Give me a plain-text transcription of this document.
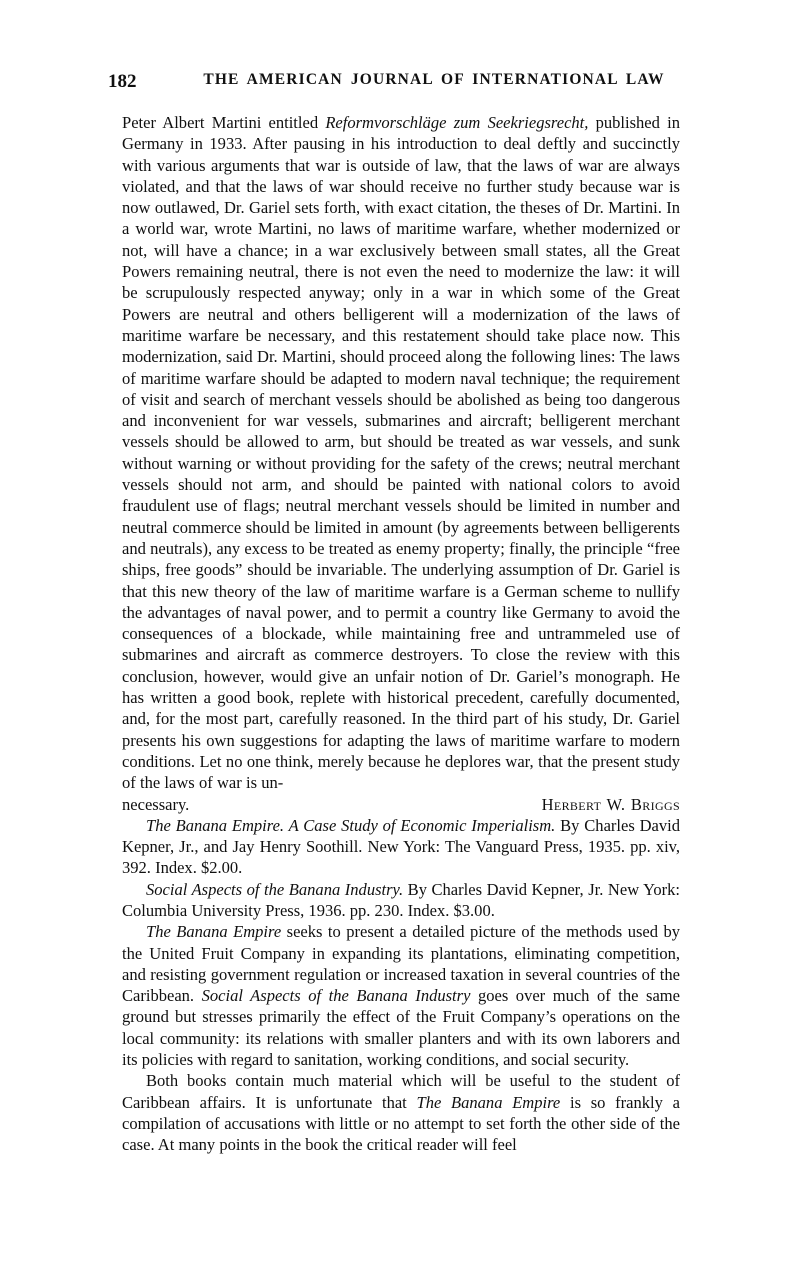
182	THE AMERICAN JOURNAL OF INTERNATIONAL LAW

Peter Albert Martini entitled Reformvorschläge zum Seekriegsrecht, published in Germany in 1933. After pausing in his introduction to deal deftly and succinctly with various arguments that war is outside of law, that the laws of war are always violated, and that the laws of war should receive no further study because war is now outlawed, Dr. Gariel sets forth, with exact citation, the theses of Dr. Martini. In a world war, wrote Martini, no laws of maritime warfare, whether modernized or not, will have a chance; in a war exclusively between small states, all the Great Powers remaining neutral, there is not even the need to modernize the law: it will be scrupulously respected anyway; only in a war in which some of the Great Powers are neutral and others belligerent will a modernization of the laws of maritime warfare be necessary, and this restatement should take place now. This modernization, said Dr. Martini, should proceed along the following lines: The laws of maritime warfare should be adapted to modern naval technique; the requirement of visit and search of merchant vessels should be abolished as being too dangerous and inconvenient for war vessels, submarines and aircraft; belligerent merchant vessels should be allowed to arm, but should be treated as war vessels, and sunk without warning or without providing for the safety of the crews; neutral merchant vessels should not arm, and should be painted with national colors to avoid fraudulent use of flags; neutral merchant vessels should be limited in number and neutral commerce should be limited in amount (by agreements between belligerents and neutrals), any excess to be treated as enemy property; finally, the principle “free ships, free goods” should be invariable. The underlying assumption of Dr. Gariel is that this new theory of the law of maritime warfare is a German scheme to nullify the advantages of naval power, and to permit a country like Germany to avoid the consequences of a blockade, while maintaining free and untrammeled use of submarines and aircraft as commerce destroyers. To close the review with this conclusion, however, would give an unfair notion of Dr. Gariel’s monograph. He has written a good book, replete with historical precedent, carefully documented, and, for the most part, carefully reasoned. In the third part of his study, Dr. Gariel presents his own suggestions for adapting the laws of maritime warfare to modern conditions. Let no one think, merely because he deplores war, that the present study of the laws of war is un-

necessary.	Herbert W. Briggs

The Banana Empire. A Case Study of Economic Imperialism. By Charles David Kepner, Jr., and Jay Henry Soothill. New York: The Vanguard Press, 1935. pp. xiv, 392. Index. $2.00.

Social Aspects of the Banana Industry. By Charles David Kepner, Jr. New York: Columbia University Press, 1936. pp. 230. Index. $3.00.

The Banana Empire seeks to present a detailed picture of the methods used by the United Fruit Company in expanding its plantations, eliminating competition, and resisting government regulation or increased taxation in several countries of the Caribbean. Social Aspects of the Banana Industry goes over much of the same ground but stresses primarily the effect of the Fruit Company’s operations on the local community: its relations with smaller planters and with its own laborers and its policies with regard to sanitation, working conditions, and social security.

Both books contain much material which will be useful to the student of Caribbean affairs. It is unfortunate that The Banana Empire is so frankly a compilation of accusations with little or no attempt to set forth the other side of the case. At many points in the book the critical reader will feel
